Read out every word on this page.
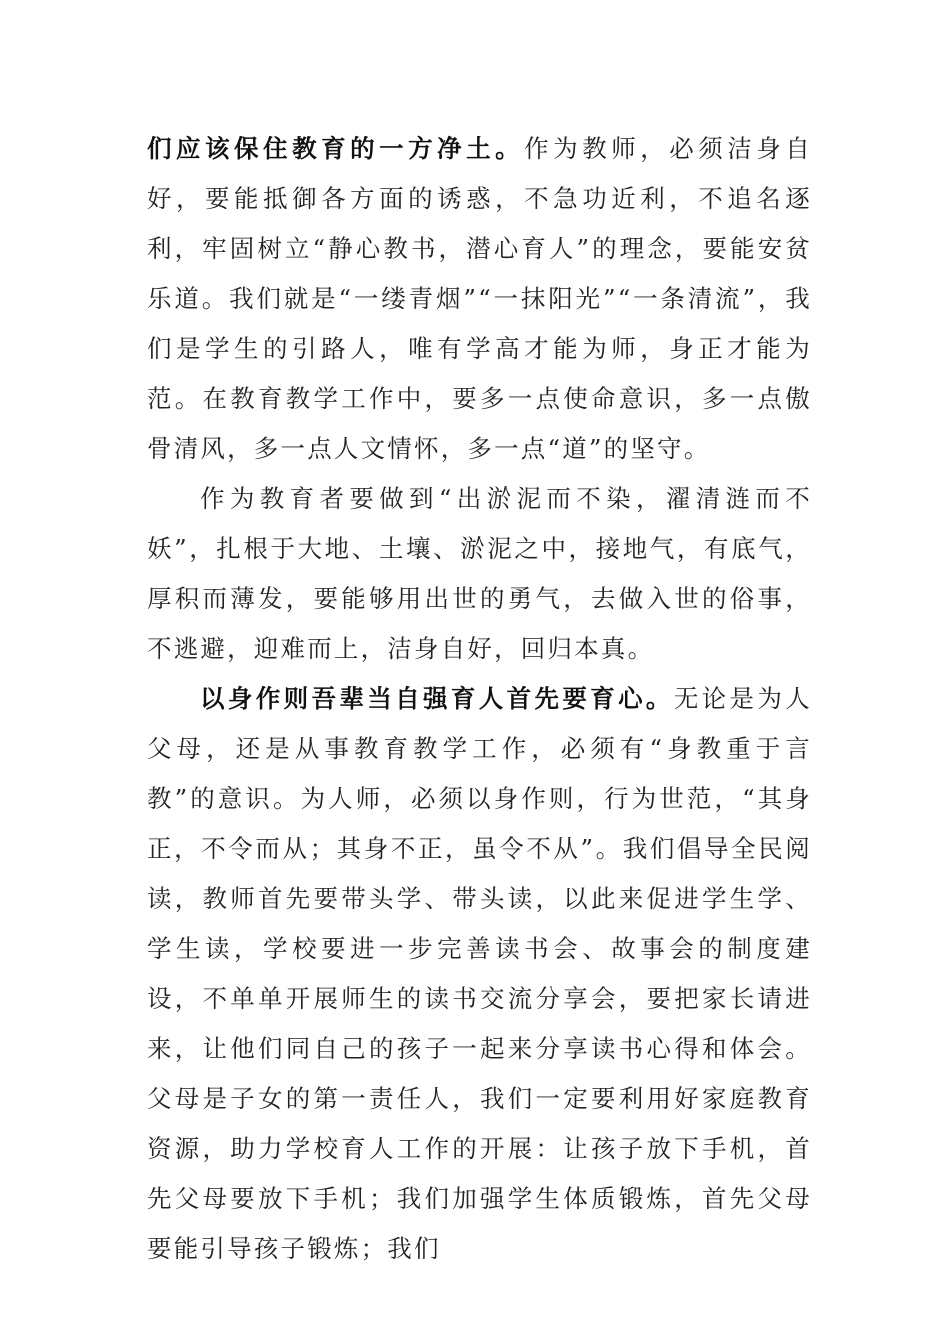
们应该保住教育的一方净土。作为教师，必须洁身自好，要能抵御各方面的诱惑，不急功近利，不追名逐利，牢固树立“静心教书，潜心育人”的理念，要能安贫乐道。我们就是“一缕青烟”“一抹阳光”“一条清流”，我们是学生的引路人，唯有学高才能为师，身正才能为范。在教育教学工作中，要多一点使命意识，多一点傲骨清风，多一点人文情怀，多一点“道”的坚守。

作为教育者要做到“出淤泥而不染，濯清涟而不妖”，扎根于大地、土壤、淤泥之中，接地气，有底气，厚积而薄发，要能够用出世的勇气，去做入世的俗事，不逃避，迎难而上，洁身自好，回归本真。

以身作则吾辈当自强育人首先要育心。无论是为人父母，还是从事教育教学工作，必须有“身教重于言教”的意识。为人师，必须以身作则，行为世范，“其身正，不令而从；其身不正，虽令不从”。我们倡导全民阅读，教师首先要带头学、带头读，以此来促进学生学、学生读，学校要进一步完善读书会、故事会的制度建设，不单单开展师生的读书交流分享会，要把家长请进来，让他们同自己的孩子一起来分享读书心得和体会。父母是子女的第一责任人，我们一定要利用好家庭教育资源，助力学校育人工作的开展：让孩子放下手机，首先父母要放下手机；我们加强学生体质锻炼，首先父母要能引导孩子锻炼；我们
